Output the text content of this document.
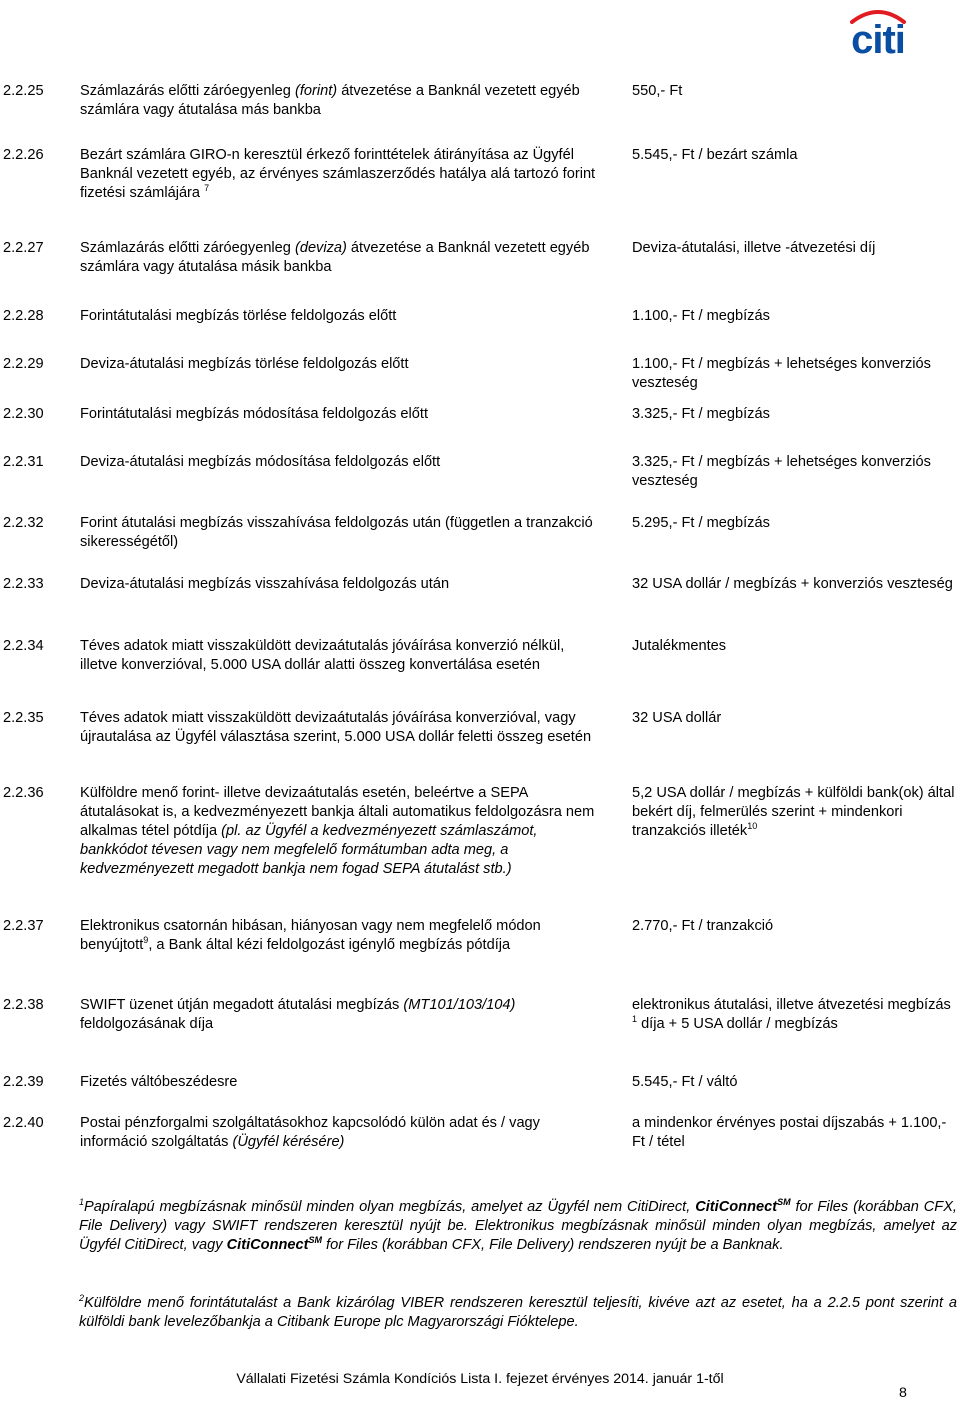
citi
2.2.25	Számlazárás előtti záróegyenleg (forint) átvezetése a Banknál vezetett egyéb számlára vagy átutalása más bankba
550,- Ft
2.2.26	Bezárt számlára GIRO-n keresztül érkező forinttételek átirányítása az Ügyfél Banknál vezetett egyéb, az érvényes számlaszerződés hatálya alá tartozó forint fizetési számlájára $^7$
5.545,- Ft / bezárt számla
2.2.27	Számlazárás előtti záróegyenleg (deviza) átvezetése a Banknál vezetett egyéb számlára vagy átutalása másik bankba
Deviza-átutalási, illetve -átvezetési díj
2.2.28	Forintátutalási megbízás törlése feldolgozás előtt	1.100,- Ft / megbízás
2.2.29	Deviza-átutalási megbízás törlése feldolgozás előtt	1.100,- Ft / megbízás + lehetséges konverziós veszteség
2.2.30	Forintátutalási megbízás módosítása feldolgozás előtt	3.325,- Ft / megbízás
2.2.31	Deviza-átutalási megbízás módosítása feldolgozás előtt	3.325,- Ft / megbízás + lehetséges konverziós veszteség
2.2.32	Forint átutalási megbízás visszahívása feldolgozás után (független a tranzakció sikerességétől)
5.295,- Ft / megbízás
2.2.33	Deviza-átutalási megbízás visszahívása feldolgozás után	32 USA dollár / megbízás + konverziós veszteség
2.2.34	Téves adatok miatt visszaküldött devizaátutalás jóváírása konverzió nélkül, illetve konverzióval, 5.000 USA dollár alatti összeg konvertálása esetén
Jutalékmentes
2.2.35	Téves adatok miatt visszaküldött devizaátutalás jóváírása konverzióval, vagy újrautalása az Ügyfél választása szerint, 5.000 USA dollár feletti összeg esetén
32 USA dollár
2.2.36	Külföldre menő forint- illetve devizaátutalás esetén, beleértve a SEPA átutalásokat is, a kedvezményezett bankja általi automatikus feldolgozásra nem alkalmas tétel pótdíja (pl. az Ügyfél a kedvezményezett számlaszámot, bankkódot tévesen vagy nem megfelelő formátumban adta meg, a kedvezményezett megadott bankja nem fogad SEPA átutalást stb.)
5,2 USA dollár / megbízás + külföldi bank(ok) által bekért díj, felmerülés szerint + mindenkori tranzakciós illeték$^{10}$
2.2.37	Elektronikus csatornán hibásan, hiányosan vagy nem megfelelő módon benyújtott$^9$, a Bank által kézi feldolgozást igénylő megbízás pótdíja
2.770,- Ft / tranzakció
2.2.38	SWIFT üzenet útján megadott átutalási megbízás (MT101/103/104) feldolgozásának díja
elektronikus átutalási, illetve átvezetési megbízás $^1$ díja + 5 USA dollár / megbízás
2.2.39	Fizetés váltóbeszédesre	5.545,- Ft / váltó
2.2.40	Postai pénzforgalmi szolgáltatásokhoz kapcsolódó külön adat és / vagy információ szolgáltatás (Ügyfél kérésére)
a mindenkor érvényes postai díjszabás + 1.100,- Ft / tétel
$^1$Papíralapú megbízásnak minősül minden olyan megbízás, amelyet az Ügyfél nem CitiDirect, CitiConnect℠ for Files (korábban CFX, File Delivery) vagy SWIFT rendszeren keresztül nyújt be. Elektronikus megbízásnak minősül minden olyan megbízás, amelyet az Ügyfél CitiDirect, vagy CitiConnect℠ for Files (korábban CFX, File Delivery) rendszeren nyújt be a Banknak.
$^2$Külföldre menő forintátutalást a Bank kizárólag VIBER rendszeren keresztül teljesíti, kivéve azt az esetet, ha a 2.2.5 pont szerint a külföldi bank levelezőbankja a Citibank Europe plc Magyarországi Fióktelepe.
Vállalati Fizetési Számla Kondíciós Lista I. fejezet érvényes 2014. január 1-től
8
